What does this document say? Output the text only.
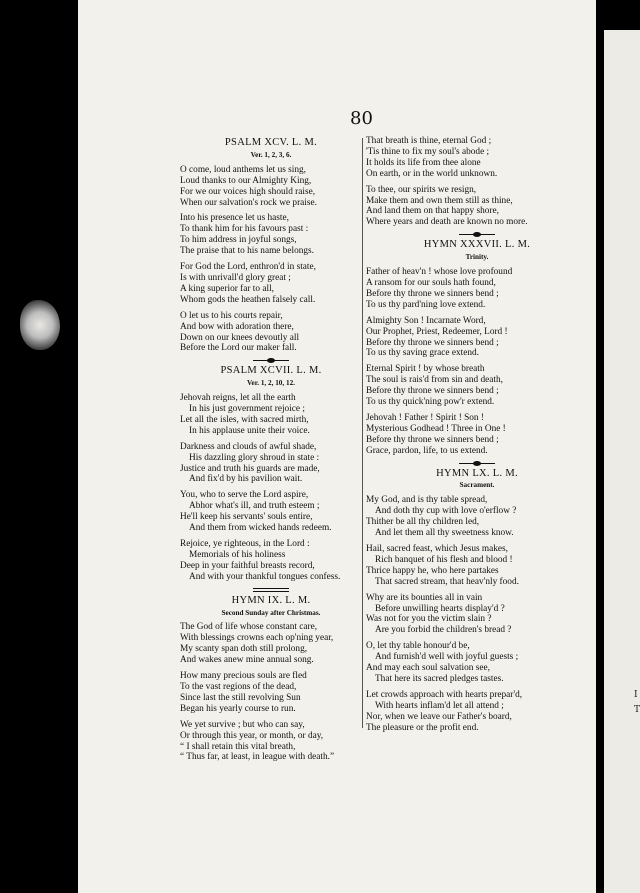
I
T
80
PSALM XCV. L. M.
Ver. 1, 2, 3, 6.
O come, loud anthems let us sing,
Loud thanks to our Almighty King,
For we our voices high should raise,
When our salvation's rock we praise.
Into his presence let us haste,
To thank him for his favours past :
To him address in joyful songs,
The praise that to his name belongs.
For God the Lord, enthron'd in state,
Is with unrivall'd glory great ;
A king superior far to all,
Whom gods the heathen falsely call.
O let us to his courts repair,
And bow with adoration there,
Down on our knees devoutly all
Before the Lord our maker fall.
PSALM XCVII. L. M.
Ver. 1, 2, 10, 12.
Jehovah reigns, let all the earth
In his just government rejoice ;
Let all the isles, with sacred mirth,
In his applause unite their voice.
Darkness and clouds of awful shade,
His dazzling glory shroud in state :
Justice and truth his guards are made,
And fix'd by his pavilion wait.
You, who to serve the Lord aspire,
Abhor what's ill, and truth esteem ;
He'll keep his servants' souls entire,
And them from wicked hands redeem.
Rejoice, ye righteous, in the Lord :
Memorials of his holiness
Deep in your faithful breasts record,
And with your thankful tongues confess.
HYMN IX. L. M.
Second Sunday after Christmas.
The God of life whose constant care,
With blessings crowns each op'ning year,
My scanty span doth still prolong,
And wakes anew mine annual song.
How many precious souls are fled
To the vast regions of the dead,
Since last the still revolving Sun
Began his yearly course to run.
We yet survive ; but who can say,
Or through this year, or month, or day,
“ I shall retain this vital breath,
“ Thus far, at least, in league with death.”
That breath is thine, eternal God ;
'Tis thine to fix my soul's abode ;
It holds its life from thee alone
On earth, or in the world unknown.
To thee, our spirits we resign,
Make them and own them still as thine,
And land them on that happy shore,
Where years and death are known no more.
HYMN XXXVII. L. M.
Trinity.
Father of heav'n ! whose love profound
A ransom for our souls hath found,
Before thy throne we sinners bend ;
To us thy pard'ning love extend.
Almighty Son ! Incarnate Word,
Our Prophet, Priest, Redeemer, Lord !
Before thy throne we sinners bend ;
To us thy saving grace extend.
Eternal Spirit ! by whose breath
The soul is rais'd from sin and death,
Before thy throne we sinners bend ;
To us thy quick'ning pow'r extend.
Jehovah ! Father ! Spirit ! Son !
Mysterious Godhead ! Three in One !
Before thy throne we sinners bend ;
Grace, pardon, life, to us extend.
HYMN LX. L. M.
Sacrament.
My God, and is thy table spread,
And doth thy cup with love o'erflow ?
Thither be all thy children led,
And let them all thy sweetness know.
Hail, sacred feast, which Jesus makes,
Rich banquet of his flesh and blood !
Thrice happy he, who here partakes
That sacred stream, that heav'nly food.
Why are its bounties all in vain
Before unwilling hearts display'd ?
Was not for you the victim slain ?
Are you forbid the children's bread ?
O, let thy table honour'd be,
And furnish'd well with joyful guests ;
And may each soul salvation see,
That here its sacred pledges tastes.
Let crowds approach with hearts prepar'd,
With hearts inflam'd let all attend ;
Nor, when we leave our Father's board,
The pleasure or the profit end.
